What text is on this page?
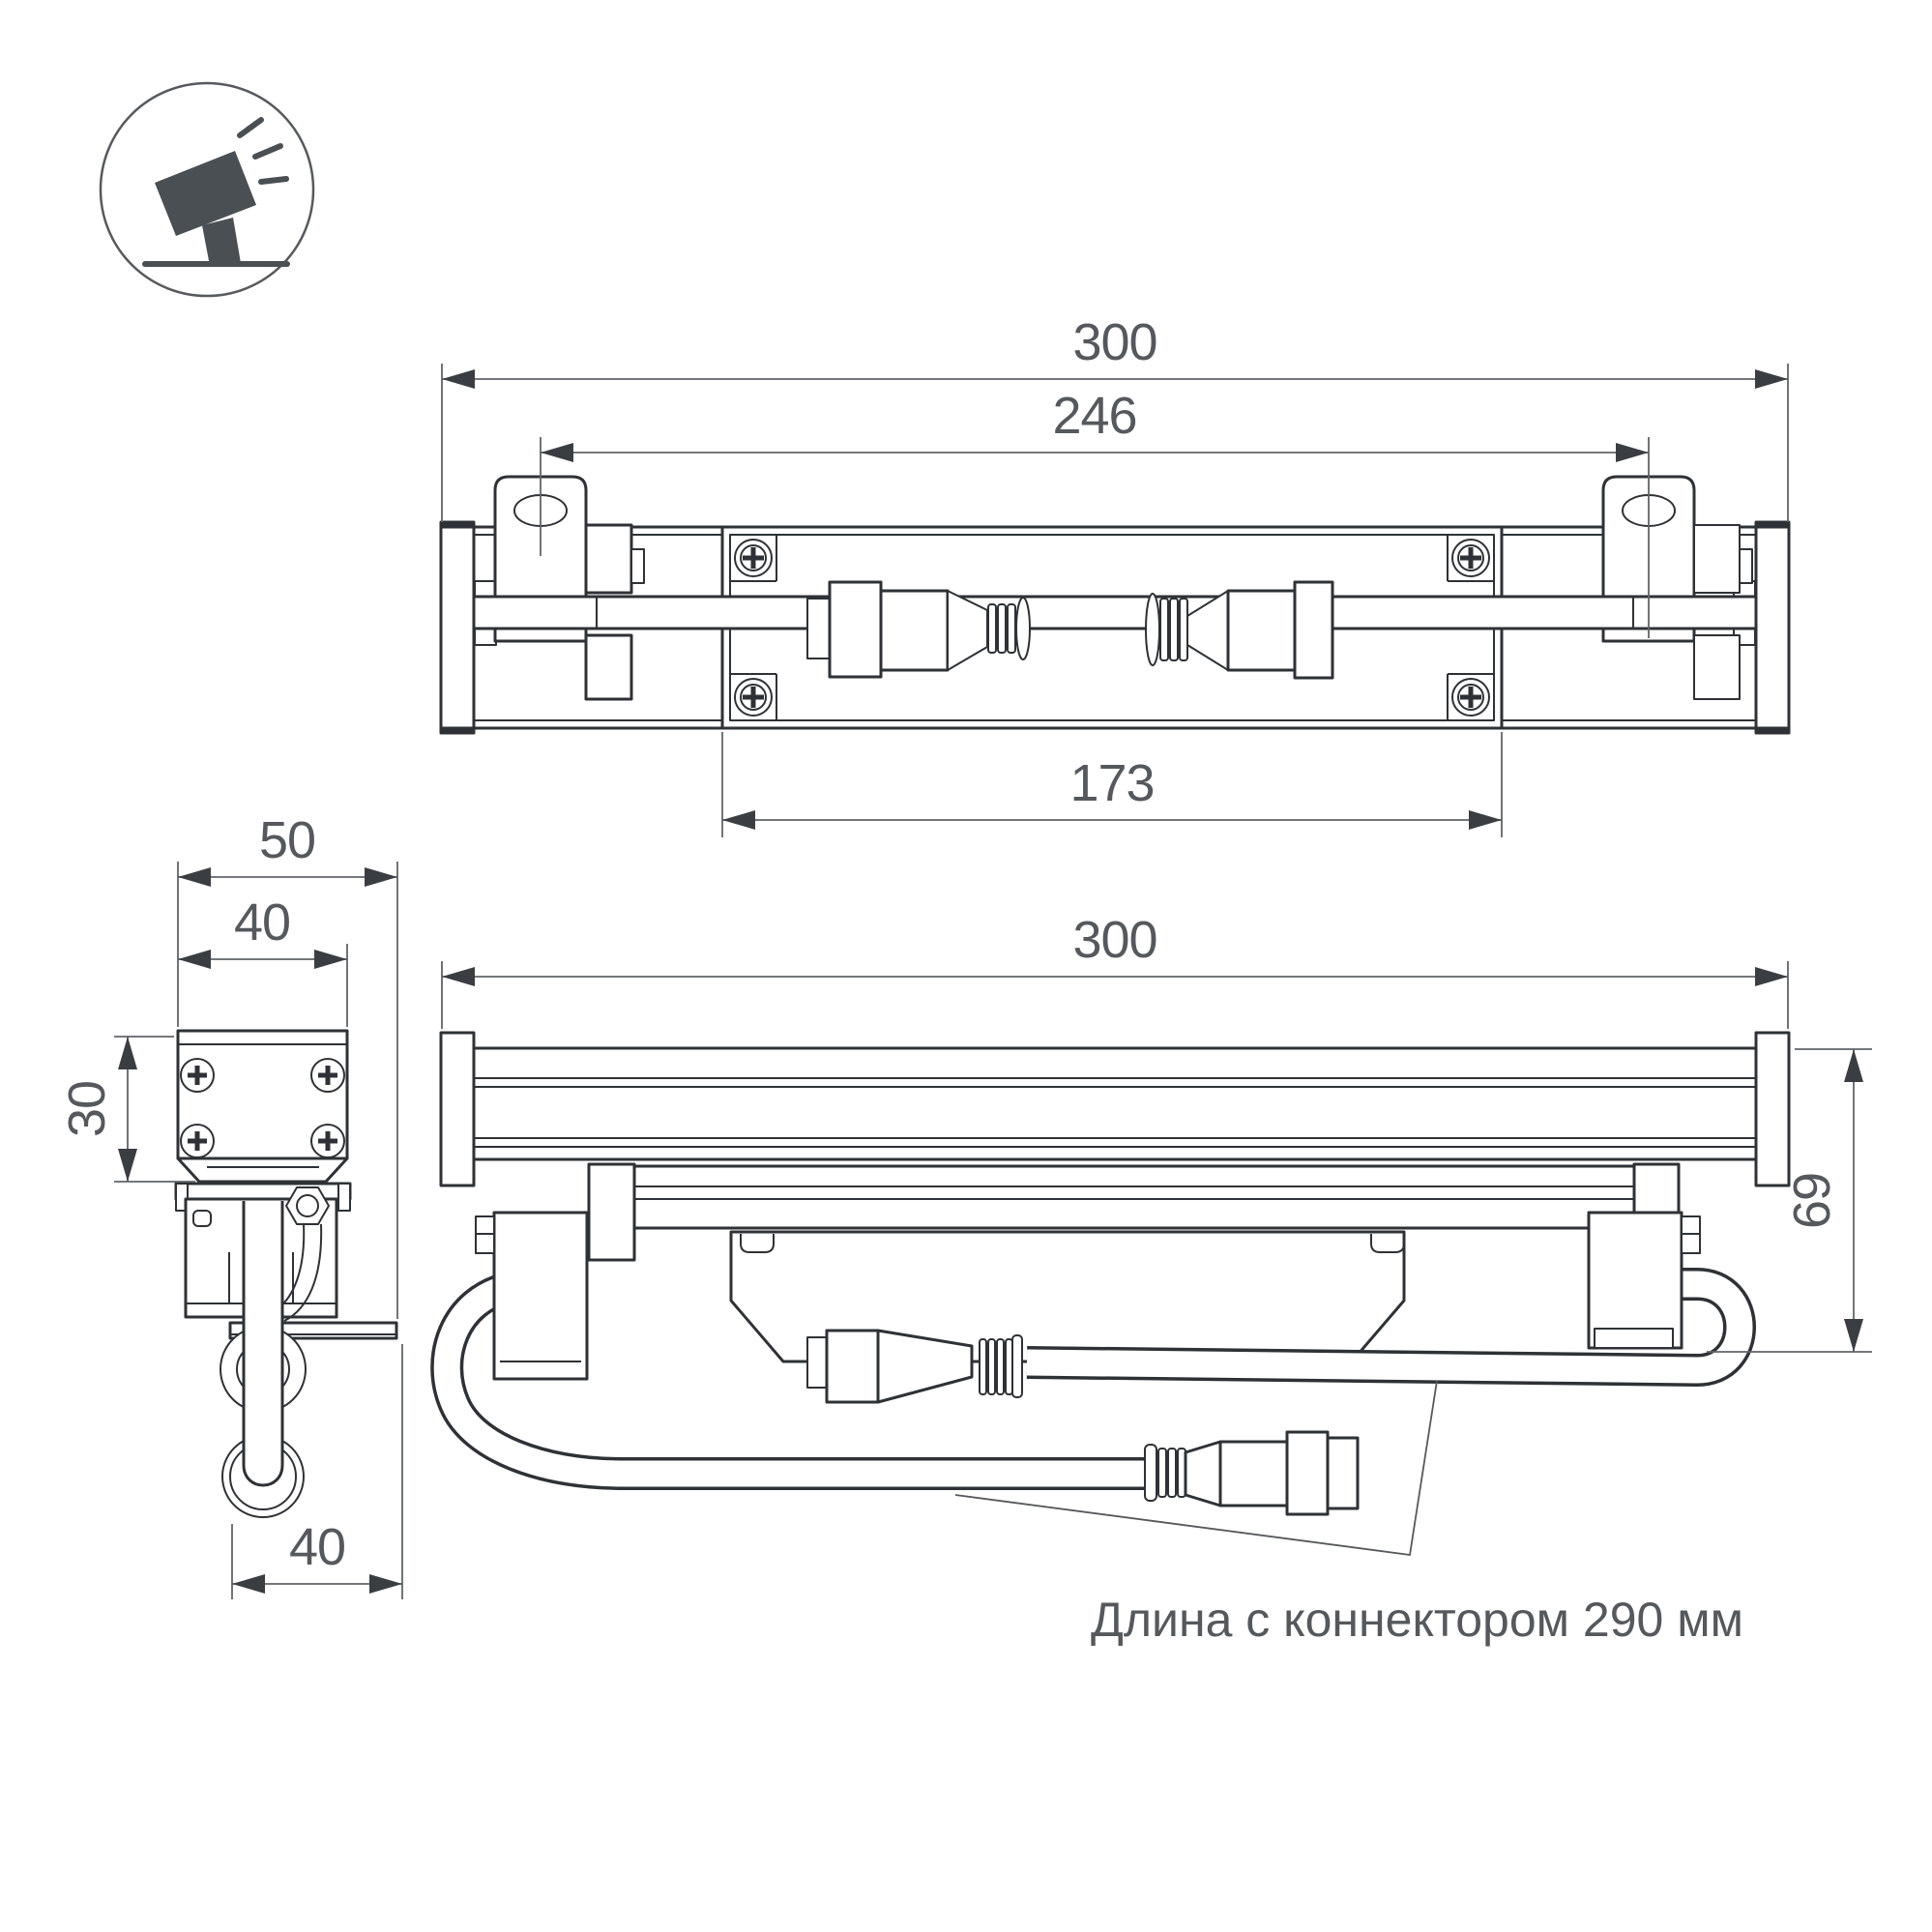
300
246
173
50
40
30
40
Длина с коннектором 290 мм
300
69
